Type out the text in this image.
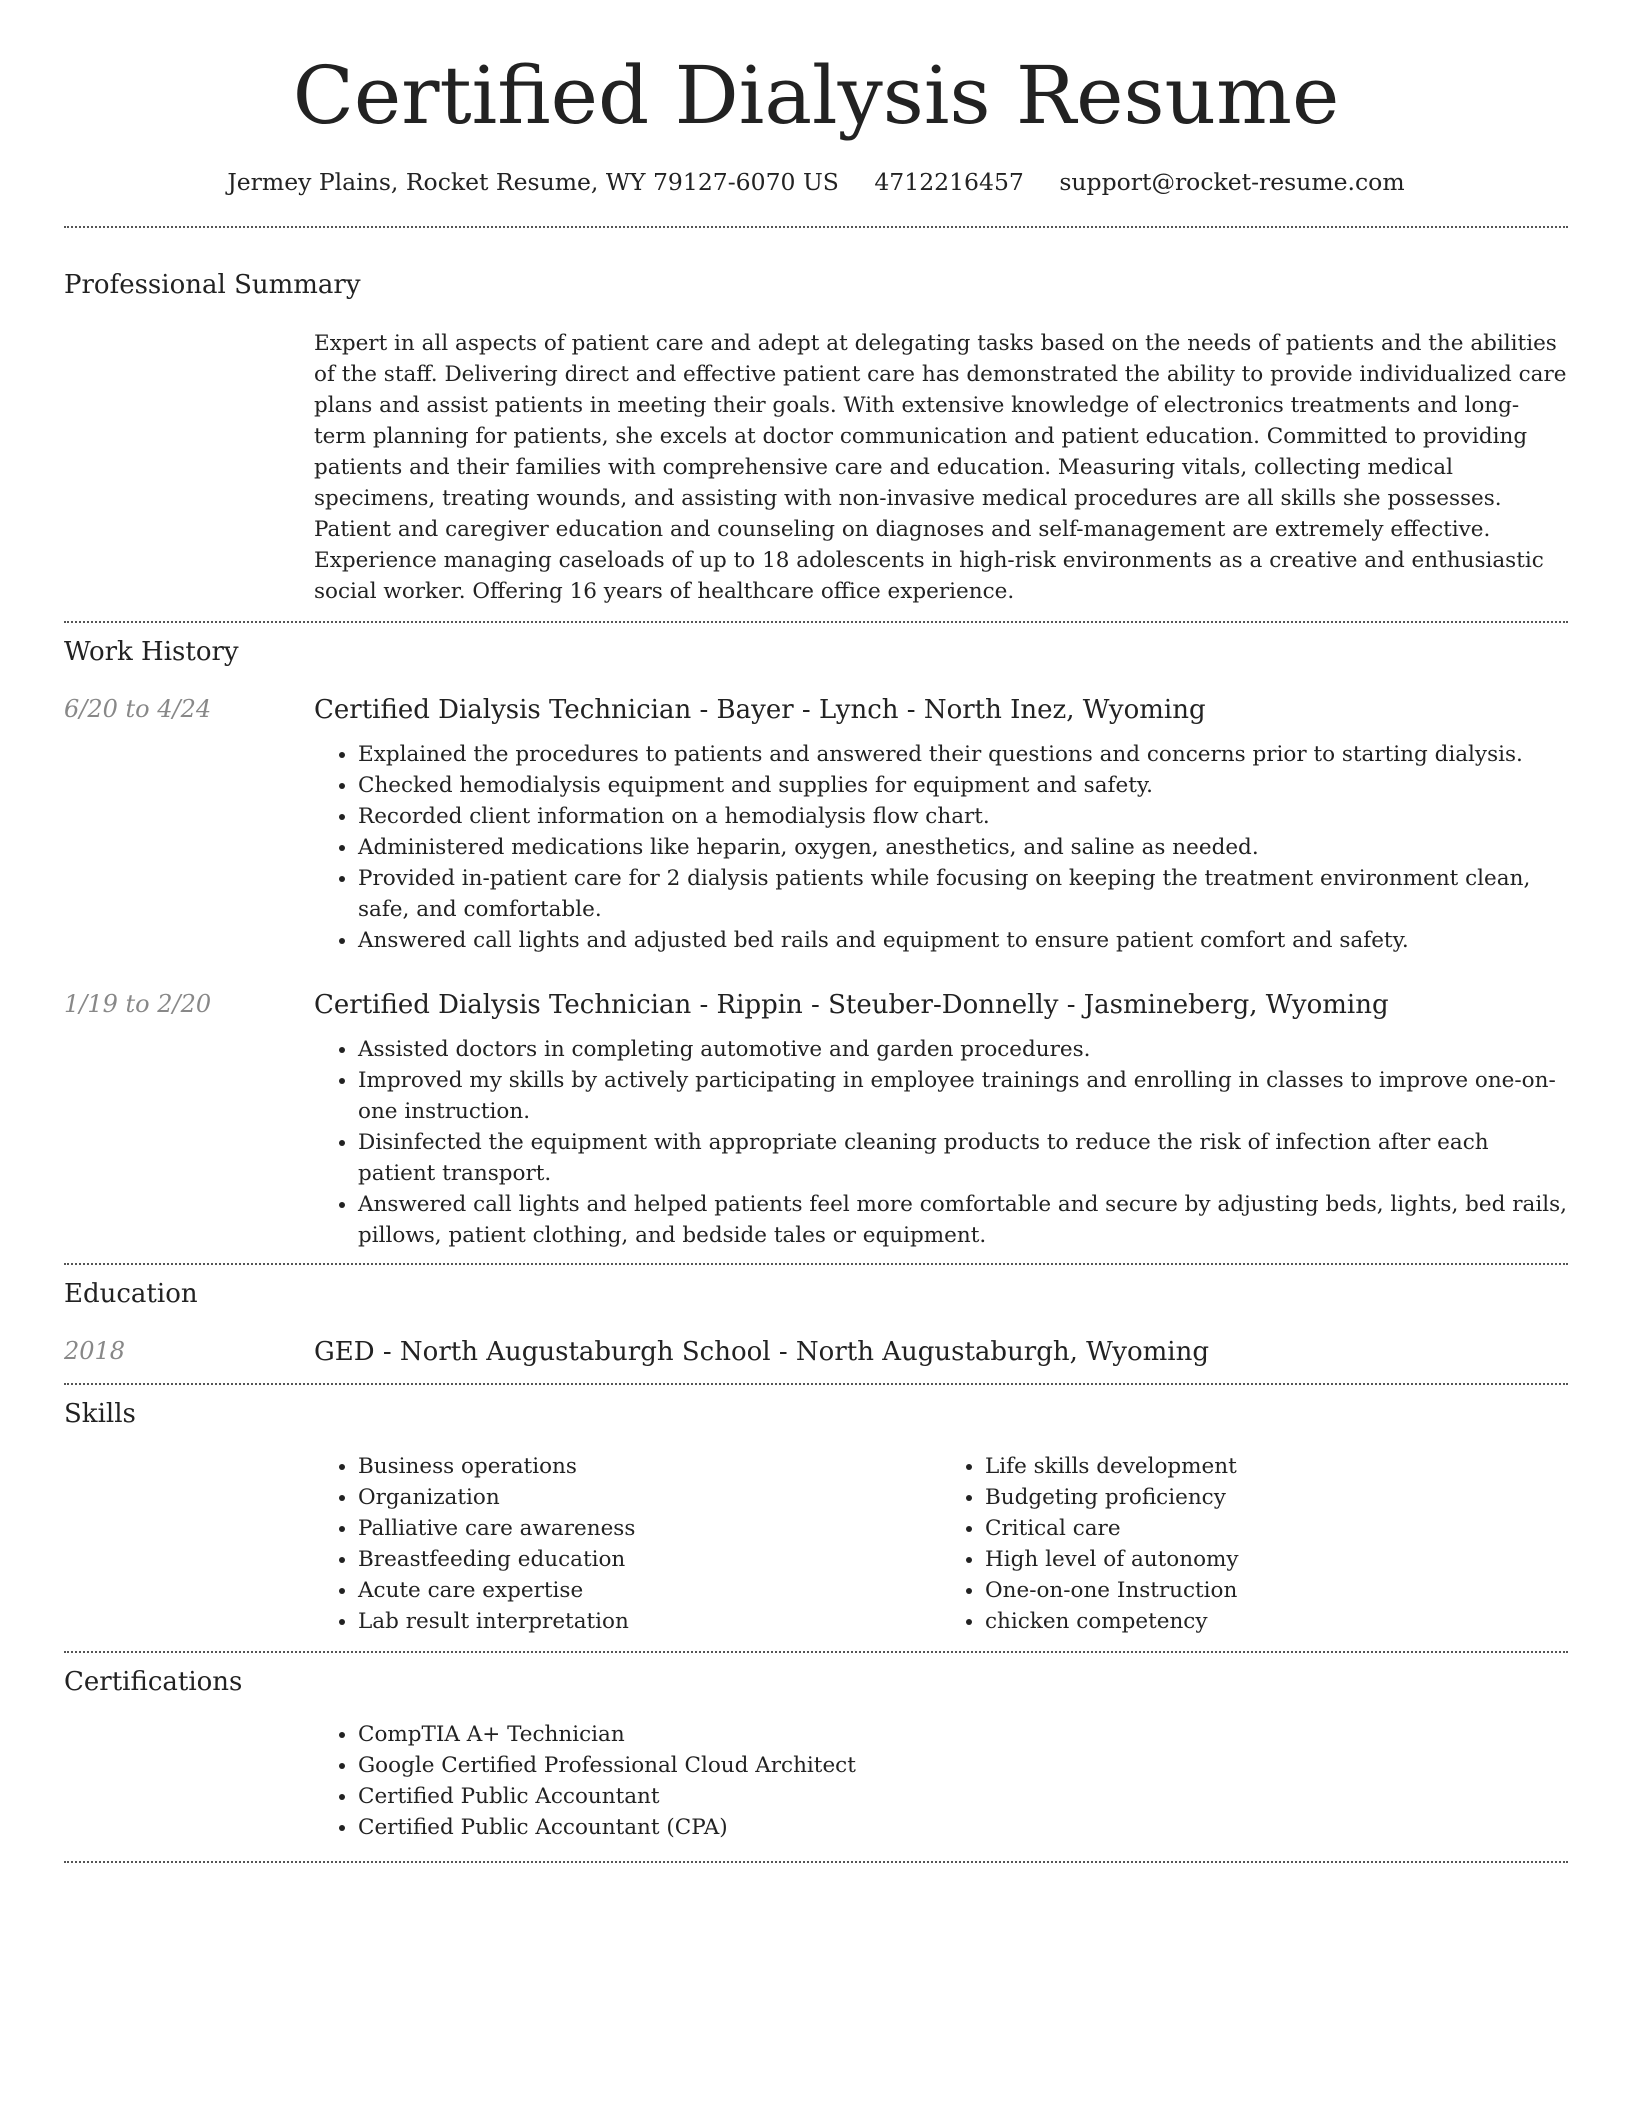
Certified Dialysis Resume
Jermey Plains, Rocket Resume, WY 79127-6070 US 4712216457 support@rocket-resume.com
Professional Summary

Expert in all aspects of patient care and adept at delegating tasks based on the needs of patients and the abilities of the staff. Delivering direct and effective patient care has demonstrated the ability to provide individualized care plans and assist patients in meeting their goals. With extensive knowledge of electronics treatments and long-term planning for patients, she excels at doctor communication and patient education. Committed to providing patients and their families with comprehensive care and education. Measuring vitals, collecting medical specimens, treating wounds, and assisting with non-invasive medical procedures are all skills she possesses. Patient and caregiver education and counseling on diagnoses and self-management are extremely effective. Experience managing caseloads of up to 18 adolescents in high-risk environments as a creative and enthusiastic social worker. Offering 16 years of healthcare office experience.

Work History
6/20 to 4/24	Certified Dialysis Technician - Bayer - Lynch - North Inez, Wyoming
• Explained the procedures to patients and answered their questions and concerns prior to starting dialysis.
• Checked hemodialysis equipment and supplies for equipment and safety.
• Recorded client information on a hemodialysis flow chart.
• Administered medications like heparin, oxygen, anesthetics, and saline as needed.
• Provided in-patient care for 2 dialysis patients while focusing on keeping the treatment environment clean, safe, and comfortable.
• Answered call lights and adjusted bed rails and equipment to ensure patient comfort and safety.
1/19 to 2/20	Certified Dialysis Technician - Rippin - Steuber-Donnelly - Jasmineberg, Wyoming
• Assisted doctors in completing automotive and garden procedures.
• Improved my skills by actively participating in employee trainings and enrolling in classes to improve one-on-one instruction.
• Disinfected the equipment with appropriate cleaning products to reduce the risk of infection after each patient transport.
• Answered call lights and helped patients feel more comfortable and secure by adjusting beds, lights, bed rails, pillows, patient clothing, and bedside tales or equipment.
Education
2018	GED - North Augustaburgh School - North Augustaburgh, Wyoming
Skills
• Business operations
• Organization
• Palliative care awareness
• Breastfeeding education
• Acute care expertise
• Lab result interpretation
• Life skills development
• Budgeting proficiency
• Critical care
• High level of autonomy
• One-on-one Instruction
• chicken competency
Certifications
• CompTIA A+ Technician
• Google Certified Professional Cloud Architect
• Certified Public Accountant
• Certified Public Accountant (CPA)
